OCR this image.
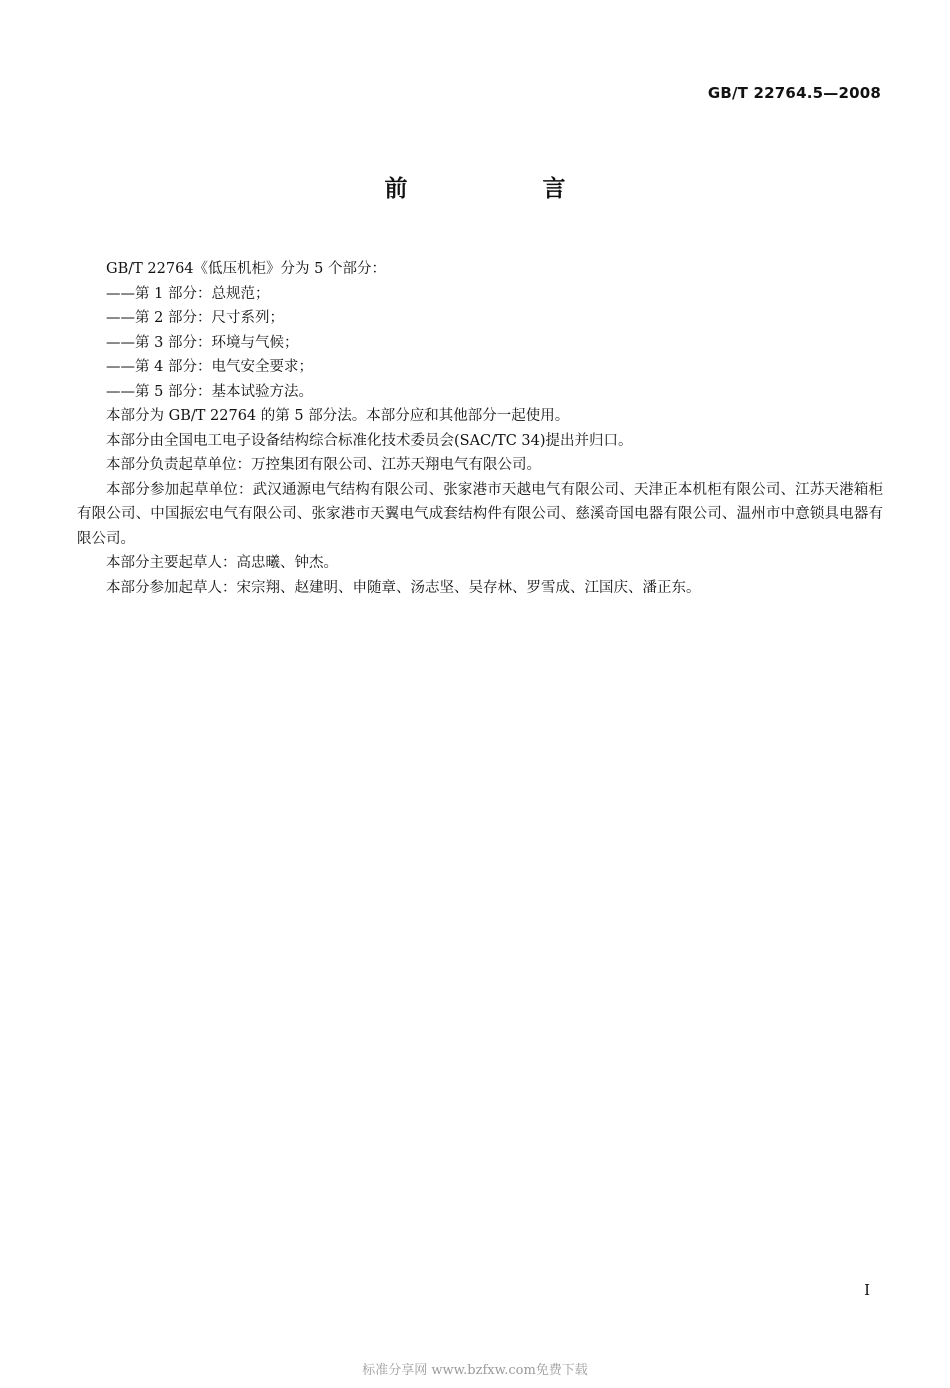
GB/T 22764.5—2008
前　言

GB/T 22764《低压机柜》分为 5 个部分：

——第 1 部分：总规范；

——第 2 部分：尺寸系列；

——第 3 部分：环境与气候；

——第 4 部分：电气安全要求；

——第 5 部分：基本试验方法。

本部分为 GB/T 22764 的第 5 部分法。本部分应和其他部分一起使用。

本部分由全国电工电子设备结构综合标准化技术委员会(SAC/TC 34)提出并归口。

本部分负责起草单位：万控集团有限公司、江苏天翔电气有限公司。

本部分参加起草单位：武汉通源电气结构有限公司、张家港市天越电气有限公司、天津正本机柜有限公司、江苏天港箱柜有限公司、中国振宏电气有限公司、张家港市天翼电气成套结构件有限公司、慈溪奇国电器有限公司、温州市中意锁具电器有限公司。

本部分主要起草人：高忠曦、钟杰。

本部分参加起草人：宋宗翔、赵建明、申随章、汤志坚、吴存林、罗雪成、江国庆、潘正东。

I
标准分享网 www.bzfxw.com免费下载
